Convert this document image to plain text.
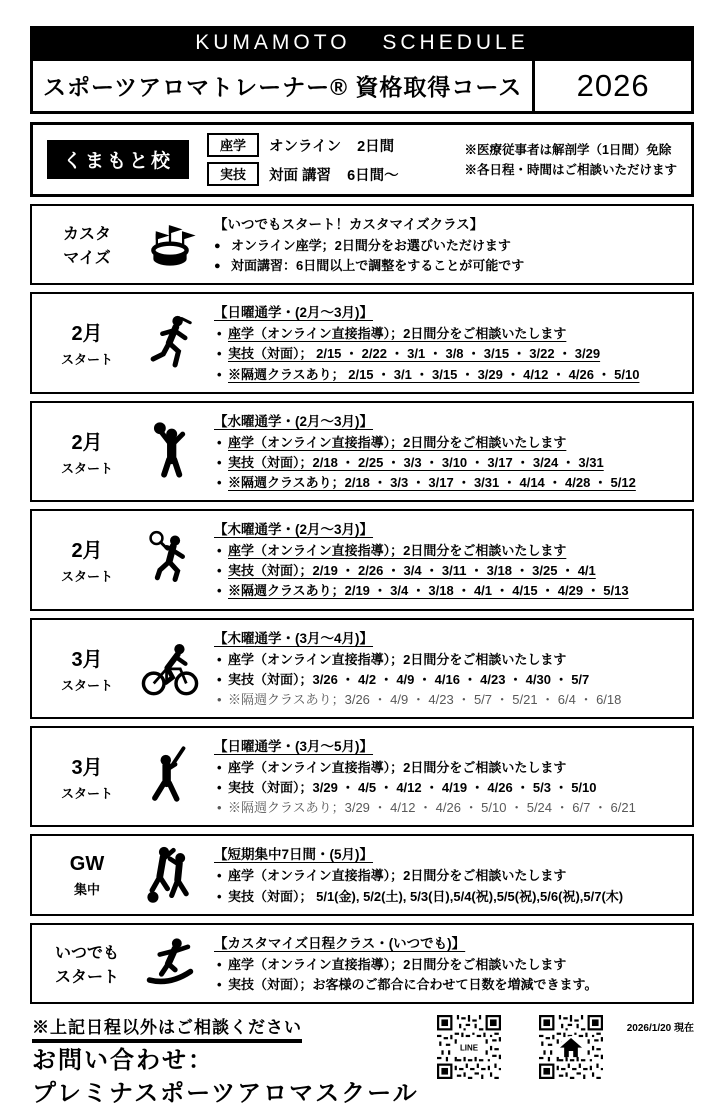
KUMAMOTO SCHEDULE
スポーツアロマトレーナー® 資格取得コース	2026
くまもと校
座学	オンライン 2日間
実技	対面 講習 6日間～
※医療従事者は解剖学（1日間）免除
※各日程・時間はご相談いただけます
カスタ
マイズ
【いつでもスタート！カスタマイズクラス】
● オンライン座学；2日間分をお選びいただけます
● 対面講習：6日間以上で調整をすることが可能です
2月
スタート
【日曜通学・(2月～3月)】
• 座学（オンライン直接指導）；2日間分をご相談いたします
• 実技（対面）； 2/15 ・ 2/22 ・ 3/1 ・ 3/8 ・ 3/15 ・ 3/22 ・ 3/29
• ※隔週クラスあり； 2/15 ・ 3/1 ・ 3/15 ・ 3/29 ・ 4/12 ・ 4/26 ・ 5/10
2月
スタート
【水曜通学・(2月～3月)】
• 座学（オンライン直接指導）；2日間分をご相談いたします
• 実技（対面）；2/18 ・ 2/25 ・ 3/3 ・ 3/10 ・ 3/17 ・ 3/24 ・ 3/31
• ※隔週クラスあり；2/18 ・ 3/3 ・ 3/17 ・ 3/31 ・ 4/14 ・ 4/28 ・ 5/12
2月
スタート
【木曜通学・(2月～3月)】
• 座学（オンライン直接指導）；2日間分をご相談いたします
• 実技（対面）；2/19 ・ 2/26 ・ 3/4 ・ 3/11 ・ 3/18 ・ 3/25 ・ 4/1
• ※隔週クラスあり；2/19 ・ 3/4 ・ 3/18 ・ 4/1 ・ 4/15 ・ 4/29 ・ 5/13
3月
スタート
【木曜通学・(3月～4月)】
• 座学（オンライン直接指導）；2日間分をご相談いたします
• 実技（対面）；3/26 ・ 4/2 ・ 4/9 ・ 4/16 ・ 4/23 ・ 4/30 ・ 5/7
• ※隔週クラスあり；3/26 ・ 4/9 ・ 4/23 ・ 5/7 ・ 5/21 ・ 6/4 ・ 6/18
3月
スタート
【日曜通学・(3月～5月)】
• 座学（オンライン直接指導）；2日間分をご相談いたします
• 実技（対面）；3/29 ・ 4/5 ・ 4/12 ・ 4/19 ・ 4/26 ・ 5/3 ・ 5/10
• ※隔週クラスあり；3/29 ・ 4/12 ・ 4/26 ・ 5/10 ・ 5/24 ・ 6/7 ・ 6/21
GW
集中
【短期集中7日間・(5月)】
• 座学（オンライン直接指導）；2日間分をご相談いたします
• 実技（対面）； 5/1(金), 5/2(土), 5/3(日),5/4(祝),5/5(祝),5/6(祝),5/7(木)
いつでも
スタート
【カスタマイズ日程クラス・(いつでも)】
• 座学（オンライン直接指導）；2日間分をご相談いたします
• 実技（対面）；お客様のご都合に合わせて日数を増減できます。
※上記日程以外はご相談ください
お問い合わせ：
プレミナスポーツアロマスクール
LINE
2026/1/20 現在
